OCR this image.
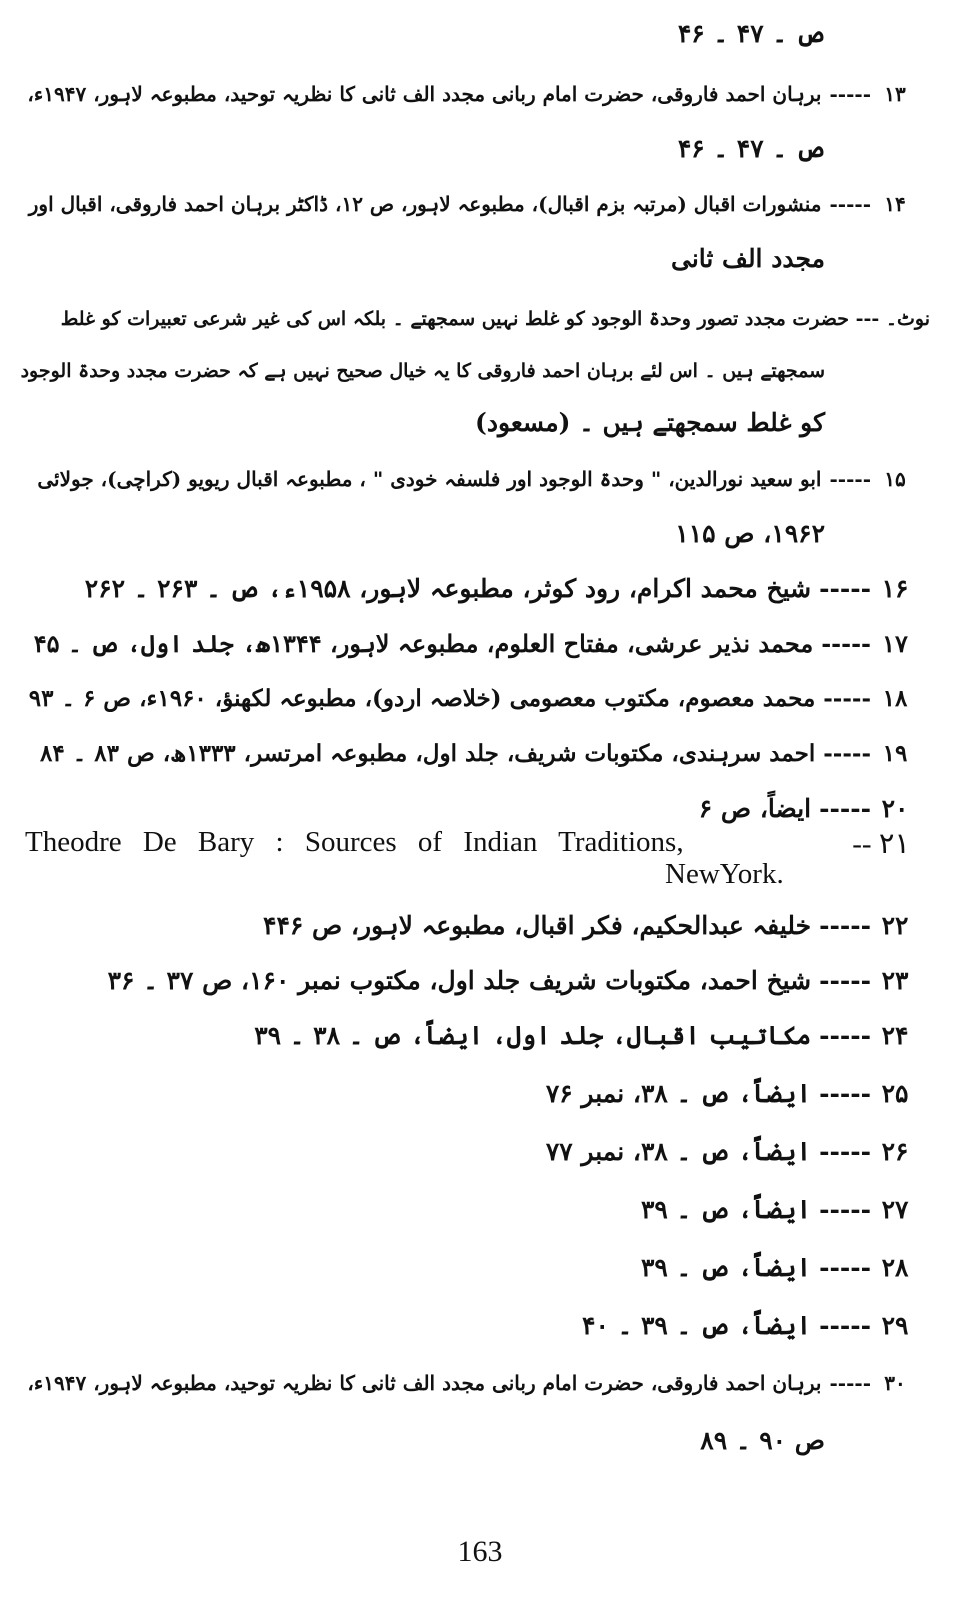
ص ۔ ۴۷ ۔ ۴۶
۱۳-----برہان احمد فاروقی، حضرت امام ربانی مجدد الف ثانی کا نظریہ توحید، مطبوعہ لاہور، ۱۹۴۷ء،
ص ۔ ۴۷ ۔ ۴۶
۱۴-----منشورات اقبال (مرتبہ بزم اقبال)، مطبوعہ لاہور، ص ۱۲، ڈاکٹر برہان احمد فاروقی، اقبال اور
مجدد الف ثانی
نوٹ۔ --- حضرت مجدد تصور وحدۃ الوجود کو غلط نہیں سمجھتے ۔ بلکہ اس کی غیر شرعی تعبیرات کو غلط
سمجھتے ہیں ۔ اس لئے برہان احمد فاروقی کا یہ خیال صحیح نہیں ہے کہ حضرت مجدد وحدۃ الوجود
کو غلط سمجھتے ہیں ۔ (مسعود)
۱۵-----ابو سعید نورالدین، " وحدۃ الوجود اور فلسفہ خودی " ، مطبوعہ اقبال ریویو (کراچی)، جولائی
۱۹۶۲، ص ۱۱۵
۱۶-----شیخ محمد اکرام، رود کوثر، مطبوعہ لاہور، ۱۹۵۸ء، ص ۔ ۲۶۳ ۔ ۲۶۲
۱۷-----محمد نذیر عرشی، مفتاح العلوم، مطبوعہ لاہور، ۱۳۴۴ھ، جلد اول، ص ۔ ۴۵
۱۸-----محمد معصوم، مکتوب معصومی (خلاصہ اردو)، مطبوعہ لکھنؤ، ۱۹۶۰ء، ص ۶ ۔ ۹۳
۱۹-----احمد سرہندی، مکتوبات شریف، جلد اول، مطبوعہ امرتسر، ۱۳۳۳ھ، ص ۸۳ ۔ ۸۴
۲۰-----ایضاً، ص ۶
۲۱ --
Theodre De Bary : Sources of Indian Traditions,
NewYork.
۲۲-----خلیفہ عبدالحکیم، فکر اقبال، مطبوعہ لاہور، ص ۴۴۶
۲۳-----شیخ احمد، مکتوبات شریف جلد اول، مکتوب نمبر ۱۶۰، ص ۳۷ ۔ ۳۶
۲۴-----مکاتیب اقبال، جلد اول، ایضاً، ص ۔ ۳۸ ۔ ۳۹
۲۵-----ایضاً، ص ۔ ۳۸، نمبر ۷۶
۲۶-----ایضاً، ص ۔ ۳۸، نمبر ۷۷
۲۷-----ایضاً، ص ۔ ۳۹
۲۸-----ایضاً، ص ۔ ۳۹
۲۹-----ایضاً، ص ۔ ۳۹ ۔ ۴۰
۳۰-----برہان احمد فاروقی، حضرت امام ربانی مجدد الف ثانی کا نظریہ توحید، مطبوعہ لاہور، ۱۹۴۷ء،
ص ۹۰ ۔ ۸۹
163
